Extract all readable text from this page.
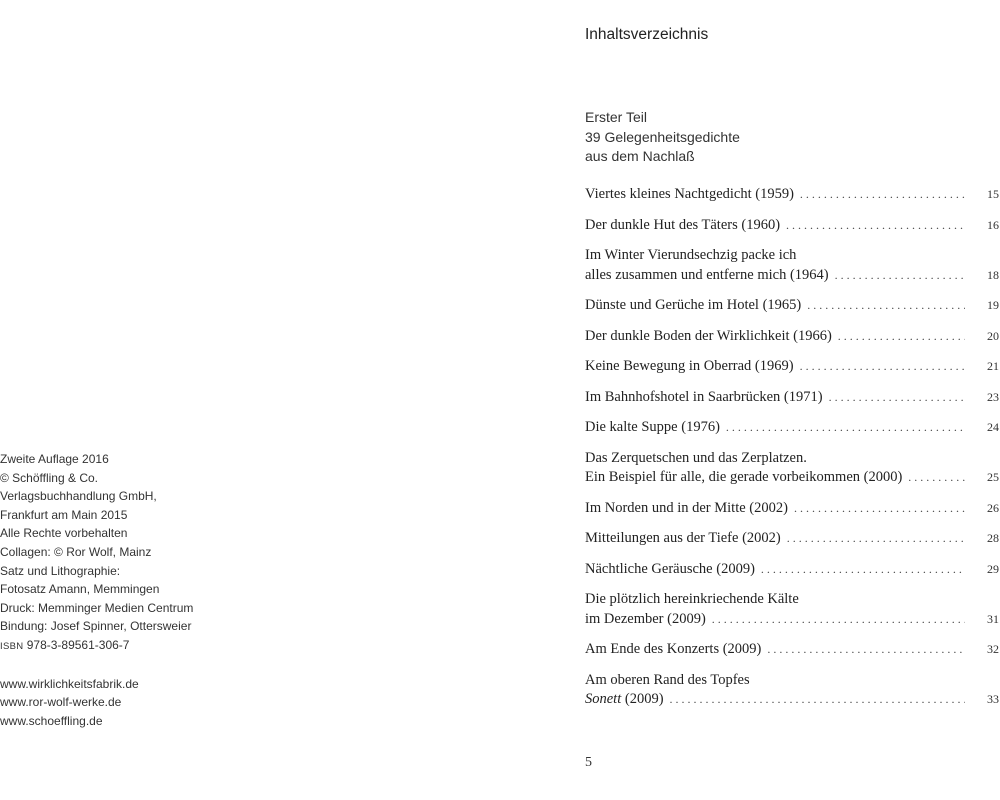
Zweite Auflage 2016
© Schöffling & Co.
Verlagsbuchhandlung GmbH,
Frankfurt am Main 2015
Alle Rechte vorbehalten
Collagen: © Ror Wolf, Mainz
Satz und Lithographie:
Fotosatz Amann, Memmingen
Druck: Memminger Medien Centrum
Bindung: Josef Spinner, Ottersweier
ISBN 978-3-89561-306-7
www.wirklichkeitsfabrik.de
www.ror-wolf-werke.de
www.schoeffling.de
Inhaltsverzeichnis
Erster Teil
39 Gelegenheitsgedichte
aus dem Nachlaß
Viertes kleines Nachtgedicht (1959) . . .	15
Der dunkle Hut des Täters (1960) . . .	16
Im Winter Vierundsechzig packe ich
alles zusammen und entferne mich (1964) . . .	18
Dünste und Gerüche im Hotel (1965) . . .	19
Der dunkle Boden der Wirklichkeit (1966) . . .	20
Keine Bewegung in Oberrad (1969) . . .	21
Im Bahnhofshotel in Saarbrücken (1971) . . .	23
Die kalte Suppe (1976) . . .	24
Das Zerquetschen und das Zerplatzen.
Ein Beispiel für alle, die gerade vorbeikommen (2000) . . .	25
Im Norden und in der Mitte (2002) . . .	26
Mitteilungen aus der Tiefe (2002) . . .	28
Nächtliche Geräusche (2009) . . .	29
Die plötzlich hereinkriechende Kälte
im Dezember (2009) . . .	31
Am Ende des Konzerts (2009) . . .	32
Am oberen Rand des Topfes
Sonett (2009) . . .	33
5
